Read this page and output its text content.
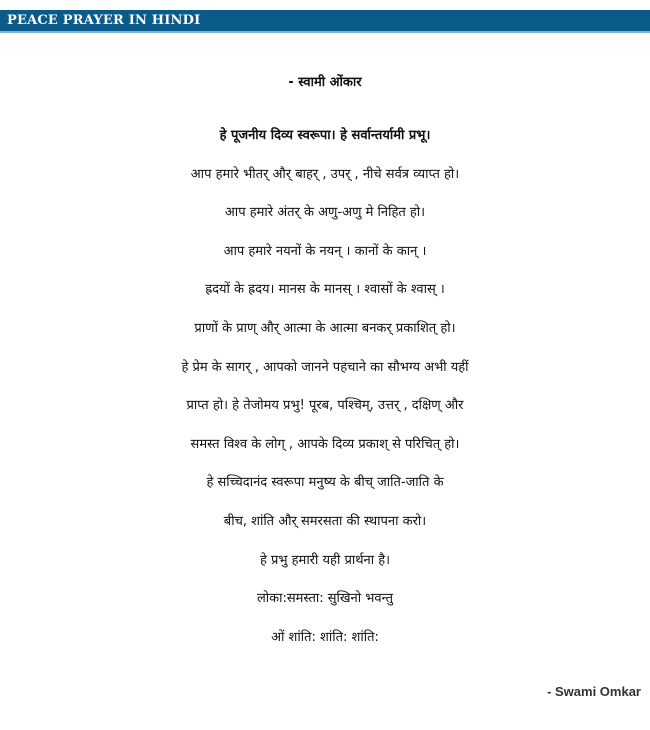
PEACE PRAYER IN HINDI
- स्वामी ओंकार
हे पूजनीय दिव्य स्वरूपा। हे सर्वान्तर्यामी प्रभू।
आप हमारे भीतर् और् बाहर् , उपर् , नीचे सर्वत्र व्याप्त हो।
आप हमारे अंतर् के अणु-अणु मे निहित हो।
आप हमारे नयनों के नयन् । कानों के कान् ।
ह्रदयों के ह्रदय। मानस के मानस् । श्वासों के श्वास् ।
प्राणों के प्राण् और् आत्मा के आत्मा बनकर् प्रकाशित् हो।
हे प्रेम के सागर् , आपको जानने पहचाने का सौभग्य अभी यहीं
प्राप्त हो। हे तेजोमय प्रभु! पूरब, पश्चिम्, उत्तर् , दक्षिण् और
समस्त विश्व के लोग् , आपके दिव्य प्रकाश् से परिचित् हो।
हे सच्चिदानंद स्वरूपा मनुष्य के बीच् जाति-जाति के
बीच, शांति और् समरसता की स्थापना करो।
हे प्रभु हमारी यही प्रार्थना है।
लोका:समस्ता: सुखिनो भवन्तु
ओं शांति: शांति: शांति:
- Swami Omkar
